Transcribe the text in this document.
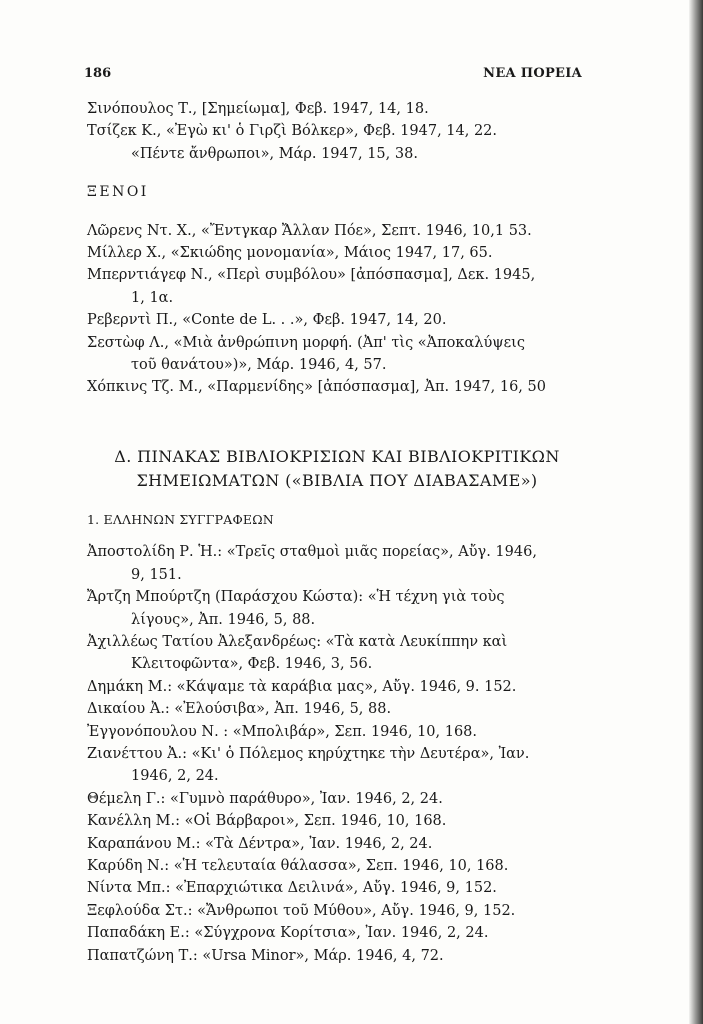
186	ΝΕΑ ΠΟΡΕΙΑ
Σινόπουλος Τ., [Σημείωμα], Φεβ. 1947, 14, 18.
Τσίζεκ Κ., «Ἐγὼ κι' ὁ Γιρζὶ Βόλκερ», Φεβ. 1947, 14, 22.
«Πέντε ἄνθρωποι», Μάρ. 1947, 15, 38.
ΞΕΝΟΙ
Λῶρενς Ντ. Χ., «Ἔντγκαρ Ἄλλαν Πόε», Σεπτ. 1946, 10,1 53.
Μίλλερ Χ., «Σκιώδης μονομανία», Μάιος 1947, 17, 65.
Μπερντιάγεφ Ν., «Περὶ συμβόλου» [ἀπόσπασμα], Δεκ. 1945,
1, 1α.
Ρεβερντὶ Π., «Conte de L. . .», Φεβ. 1947, 14, 20.
Σεστὼφ Λ., «Μιὰ ἀνθρώπινη μορφή. (Ἀπ' τὶς «Ἀποκαλύψεις
τοῦ θανάτου»)», Μάρ. 1946, 4, 57.
Χόπκινς Τζ. Μ., «Παρμενίδης» [ἀπόσπασμα], Ἀπ. 1947, 16, 50
Δ. ΠΙΝΑΚΑΣ ΒΙΒΛΙΟΚΡΙΣΙΩΝ ΚΑΙ ΒΙΒΛΙΟΚΡΙΤΙΚΩΝ
ΣΗΜΕΙΩΜΑΤΩΝ («ΒΙΒΛΙΑ ΠΟΥ ΔΙΑΒΑΣΑΜΕ»)
1. ΕΛΛΗΝΩΝ ΣΥΓΓΡΑΦΕΩΝ
Ἀποστολίδη Ρ. Ἡ.: «Τρεῖς σταθμοὶ μιᾶς πορείας», Αὔγ. 1946,
9, 151.
Ἄρτζη Μπούρτζη (Παράσχου Κώστα): «Ἡ τέχνη γιὰ τοὺς
λίγους», Ἀπ. 1946, 5, 88.
Ἀχιλλέως Τατίου Ἀλεξανδρέως: «Τὰ κατὰ Λευκίππην καὶ
Κλειτοφῶντα», Φεβ. 1946, 3, 56.
Δημάκη Μ.: «Κάψαμε τὰ καράβια μας», Αὔγ. 1946, 9. 152.
Δικαίου Ἀ.: «Ἐλούσιβα», Ἀπ. 1946, 5, 88.
Ἐγγονόπουλου Ν. : «Μπολιβάρ», Σεπ. 1946, 10, 168.
Ζιανέττου Ἀ.: «Κι' ὁ Πόλεμος κηρύχτηκε τὴν Δευτέρα», Ἰαν.
1946, 2, 24.
Θέμελη Γ.: «Γυμνὸ παράθυρο», Ἰαν. 1946, 2, 24.
Κανέλλη Μ.: «Οἱ Βάρβαροι», Σεπ. 1946, 10, 168.
Καραπάνου Μ.: «Τὰ Δέντρα», Ἰαν. 1946, 2, 24.
Καρύδη Ν.: «Ἡ τελευταία θάλασσα», Σεπ. 1946, 10, 168.
Νίντα Μπ.: «Ἐπαρχιώτικα Δειλινά», Αὔγ. 1946, 9, 152.
Ξεφλούδα Στ.: «Ἄνθρωποι τοῦ Μύθου», Αὔγ. 1946, 9, 152.
Παπαδάκη Ε.: «Σύγχρονα Κορίτσια», Ἰαν. 1946, 2, 24.
Παπατζώνη Τ.: «Ursa Minor», Μάρ. 1946, 4, 72.
